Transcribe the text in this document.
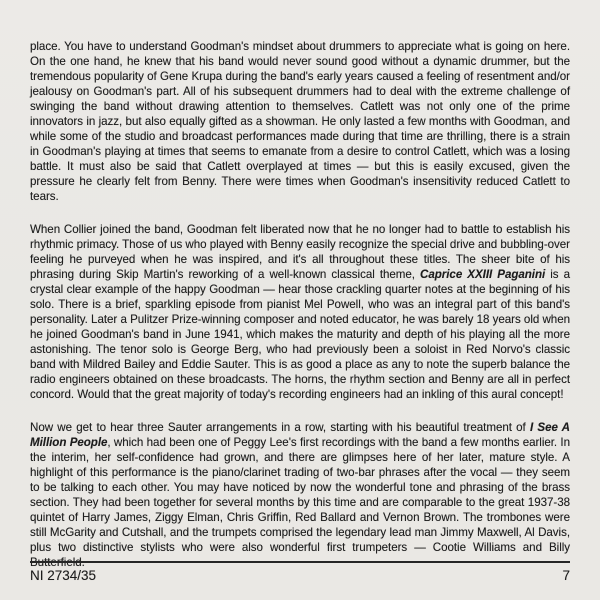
place. You have to understand Goodman's mindset about drummers to appreciate what is going on here. On the one hand, he knew that his band would never sound good without a dynamic drummer, but the tremendous popularity of Gene Krupa during the band's early years caused a feeling of resentment and/or jealousy on Goodman's part. All of his subsequent drummers had to deal with the extreme challenge of swinging the band without drawing attention to themselves. Catlett was not only one of the prime innovators in jazz, but also equally gifted as a showman. He only lasted a few months with Goodman, and while some of the studio and broadcast performances made during that time are thrilling, there is a strain in Goodman's playing at times that seems to emanate from a desire to control Catlett, which was a losing battle. It must also be said that Catlett overplayed at times — but this is easily excused, given the pressure he clearly felt from Benny. There were times when Goodman's insensitivity reduced Catlett to tears.

When Collier joined the band, Goodman felt liberated now that he no longer had to battle to establish his rhythmic primacy. Those of us who played with Benny easily recognize the special drive and bubbling-over feeling he purveyed when he was inspired, and it's all throughout these titles. The sheer bite of his phrasing during Skip Martin's reworking of a well-known classical theme, Caprice XXIII Paganini is a crystal clear example of the happy Goodman — hear those crackling quarter notes at the beginning of his solo. There is a brief, sparkling episode from pianist Mel Powell, who was an integral part of this band's personality. Later a Pulitzer Prize-winning composer and noted educator, he was barely 18 years old when he joined Goodman's band in June 1941, which makes the maturity and depth of his playing all the more astonishing. The tenor solo is George Berg, who had previously been a soloist in Red Norvo's classic band with Mildred Bailey and Eddie Sauter. This is as good a place as any to note the superb balance the radio engineers obtained on these broadcasts. The horns, the rhythm section and Benny are all in perfect concord. Would that the great majority of today's recording engineers had an inkling of this aural concept!

Now we get to hear three Sauter arrangements in a row, starting with his beautiful treatment of I See A Million People, which had been one of Peggy Lee's first recordings with the band a few months earlier. In the interim, her self-confidence had grown, and there are glimpses here of her later, mature style. A highlight of this performance is the piano/clarinet trading of two-bar phrases after the vocal — they seem to be talking to each other. You may have noticed by now the wonderful tone and phrasing of the brass section. They had been together for several months by this time and are comparable to the great 1937-38 quintet of Harry James, Ziggy Elman, Chris Griffin, Red Ballard and Vernon Brown. The trombones were still McGarity and Cutshall, and the trumpets comprised the legendary lead man Jimmy Maxwell, Al Davis, plus two distinctive stylists who were also wonderful first trumpeters — Cootie Williams and Billy Butterfield.

NI 2734/35	7
